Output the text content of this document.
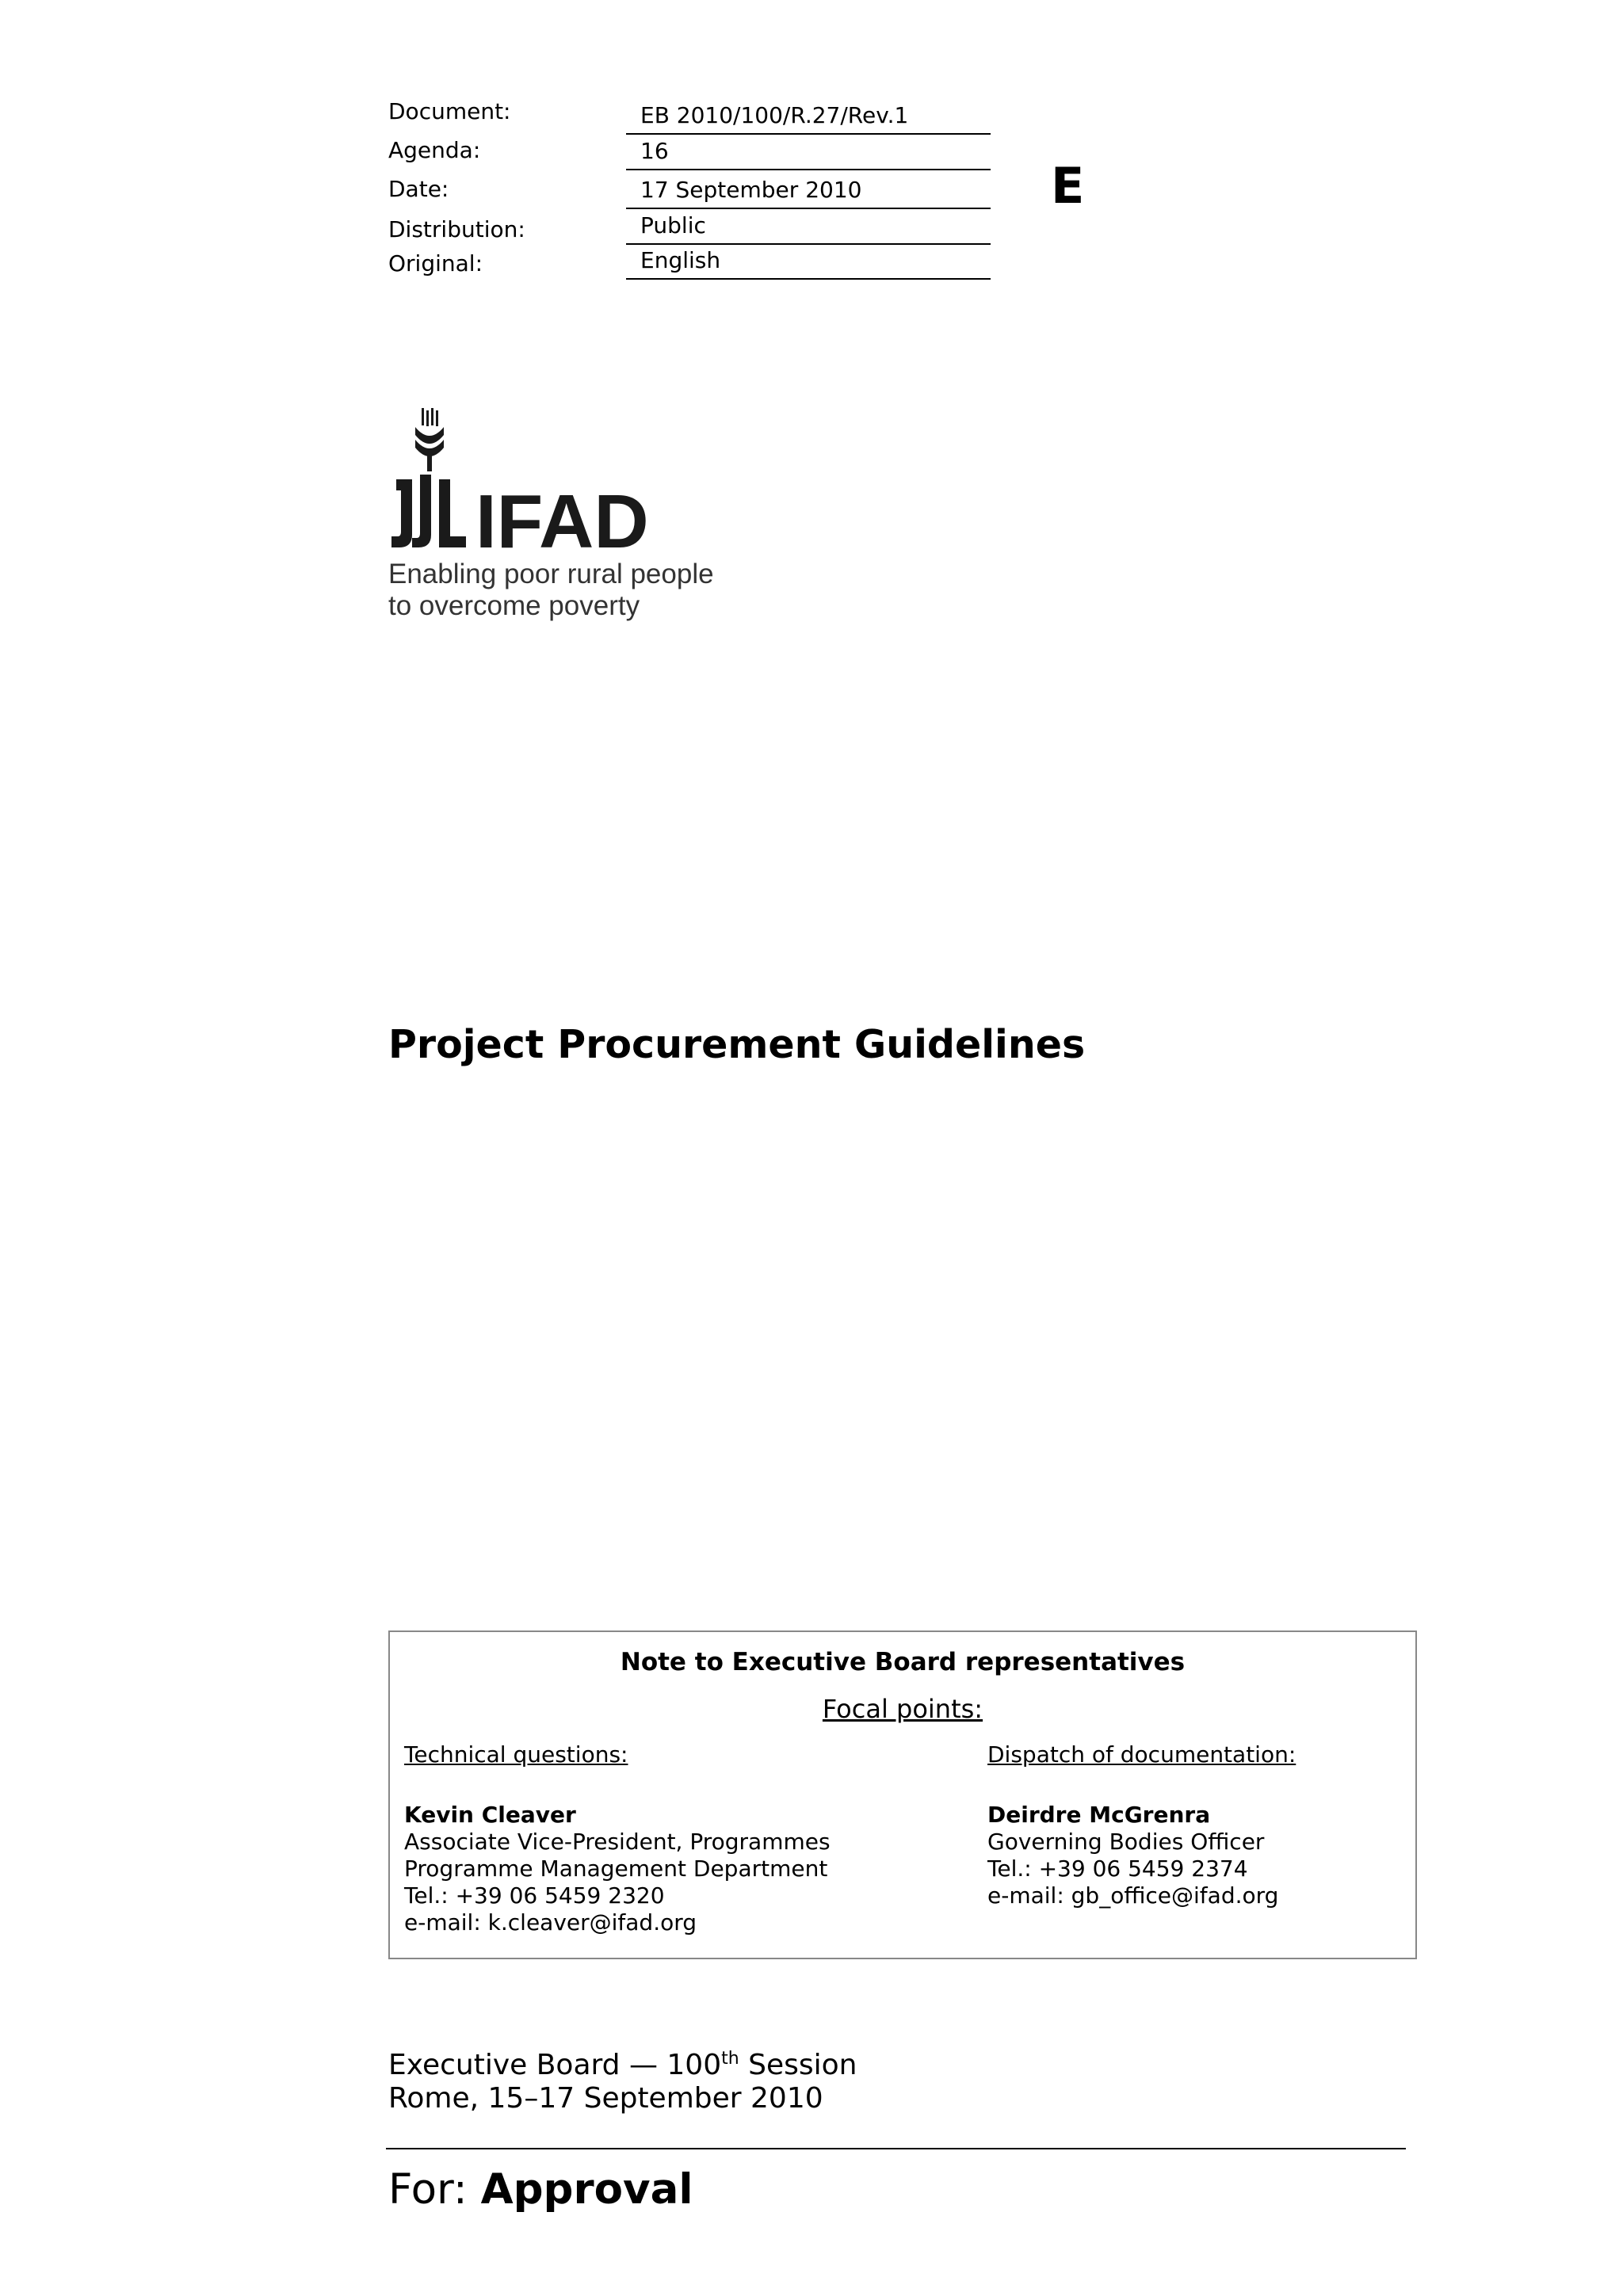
Document:	EB 2010/100/R.27/Rev.1
Agenda:	16
Date:	17 September 2010
Distribution:	Public
Original:	English
E
IFAD
Enabling poor rural people
to overcome poverty
Project Procurement Guidelines
Note to Executive Board representatives
Focal points:
Technical questions:
Kevin Cleaver
Associate Vice-President, Programmes
Programme Management Department
Tel.: +39 06 5459 2320
e-mail: k.cleaver@ifad.org
Dispatch of documentation:
Deirdre McGrenra
Governing Bodies Officer
Tel.: +39 06 5459 2374
e-mail: gb_office@ifad.org
Executive Board — 100th Session
Rome, 15–17 September 2010
For: Approval
